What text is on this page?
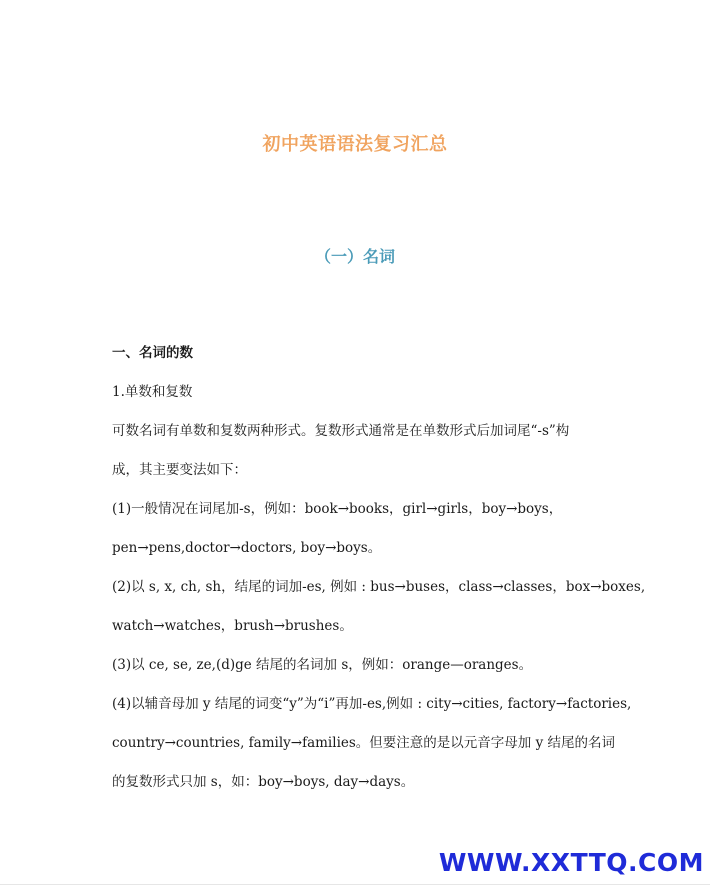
初中英语语法复习汇总
（一）名词

一、名词的数

1.单数和复数

可数名词有单数和复数两种形式。复数形式通常是在单数形式后加词尾“-s”构

成，其主要变法如下：

(1)一般情况在词尾加-s，例如：book→books，girl→girls，boy→boys，

pen→pens,doctor→doctors, boy→boys。

(2)以 s, x, ch, sh，结尾的词加-es, 例如 : bus→buses，class→classes，box→boxes,

watch→watches，brush→brushes。

(3)以 ce, se, ze,(d)ge 结尾的名词加 s，例如：orange—oranges。

(4)以辅音母加 y 结尾的词变“y”为“i”再加-es,例如 : city→cities, factory→factories,

country→countries, family→families。但要注意的是以元音字母加 y 结尾的名词

的复数形式只加 s，如：boy→boys, day→days。

WWW.XXTTQ.COM
